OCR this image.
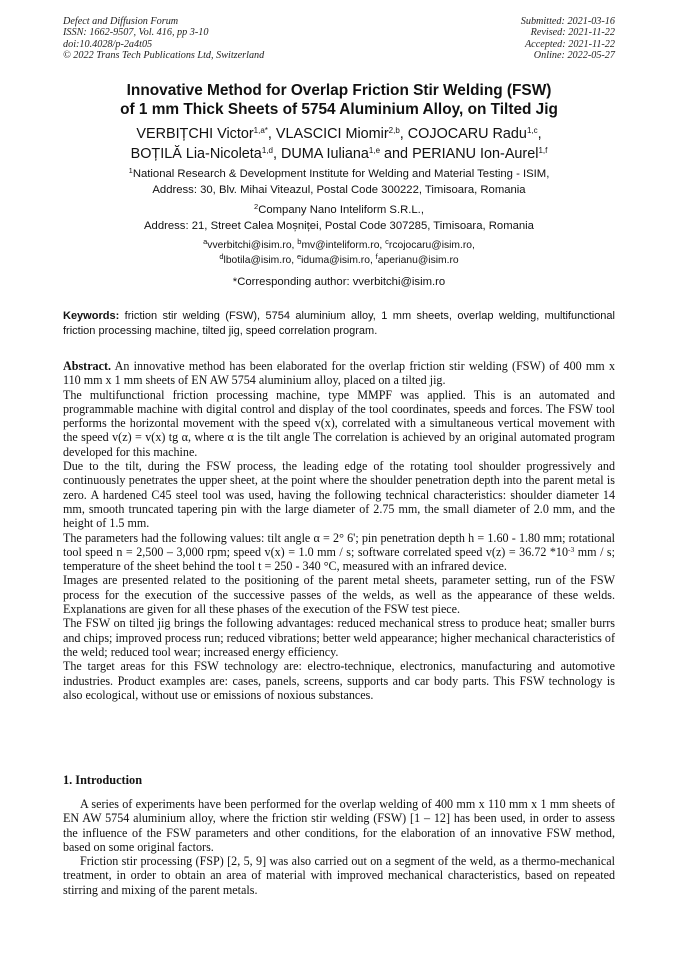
Defect and Diffusion Forum
ISSN: 1662-9507, Vol. 416, pp 3-10
doi:10.4028/p-2a4t05
© 2022 Trans Tech Publications Ltd, Switzerland
Submitted: 2021-03-16
Revised: 2021-11-22
Accepted: 2021-11-22
Online: 2022-05-27
Innovative Method for Overlap Friction Stir Welding (FSW)
of 1 mm Thick Sheets of 5754 Aluminium Alloy, on Tilted Jig
VERBIȚCHI Victor$^{1,a*}$, VLASCICI Miomir$^{2,b}$, COJOCARU Radu$^{1,c}$,
BOȚILĂ Lia-Nicoleta$^{1,d}$, DUMA Iuliana$^{1,e}$ and PERIANU Ion-Aurel$^{1,f}$
$^1$National Research & Development Institute for Welding and Material Testing - ISIM,
Address: 30, Blv. Mihai Viteazul, Postal Code 300222, Timisoara, Romania
$^2$Company Nano Inteliform S.R.L.,
Address: 21, Street Calea Moșniței, Postal Code 307285, Timisoara, Romania
$^a$vverbitchi@isim.ro, $^b$mv@inteliform.ro, $^c$rcojocaru@isim.ro,
$^d$lbotila@isim.ro, $^e$iduma@isim.ro, $^f$aperianu@isim.ro
*Corresponding author: vverbitchi@isim.ro
Keywords: friction stir welding (FSW), 5754 aluminium alloy, 1 mm sheets, overlap welding, multifunctional friction processing machine, tilted jig, speed correlation program.

Abstract. An innovative method has been elaborated for the overlap friction stir welding (FSW) of 400 mm x 110 mm x 1 mm sheets of EN AW 5754 aluminium alloy, placed on a tilted jig.

The multifunctional friction processing machine, type MMPF was applied. This is an automated and programmable machine with digital control and display of the tool coordinates, speeds and forces. The FSW tool performs the horizontal movement with the speed v(x), correlated with a simultaneous vertical movement with the speed v(z) = v(x) tg α, where α is the tilt angle The correlation is achieved by an original automated program developed for this machine.

Due to the tilt, during the FSW process, the leading edge of the rotating tool shoulder progressively and continuously penetrates the upper sheet, at the point where the shoulder penetration depth into the parent metal is zero. A hardened C45 steel tool was used, having the following technical characteristics: shoulder diameter 14 mm, smooth truncated tapering pin with the large diameter of 2.75 mm, the small diameter of 2.0 mm, and the height of 1.5 mm.

The parameters had the following values: tilt angle α = 2° 6'; pin penetration depth h = 1.60 - 1.80 mm; rotational tool speed n = 2,500 – 3,000 rpm; speed v(x) = 1.0 mm / s; software correlated speed v(z) = 36.72 $*10^{-3}$ mm / s; temperature of the sheet behind the tool t = 250 - 340 °C, measured with an infrared device.

Images are presented related to the positioning of the parent metal sheets, parameter setting, run of the FSW process for the execution of the successive passes of the welds, as well as the appearance of these welds. Explanations are given for all these phases of the execution of the FSW test piece.

The FSW on tilted jig brings the following advantages: reduced mechanical stress to produce heat; smaller burrs and chips; improved process run; reduced vibrations; better weld appearance; higher mechanical characteristics of the weld; reduced tool wear; increased energy efficiency.

The target areas for this FSW technology are: electro-technique, electronics, manufacturing and automotive industries. Product examples are: cases, panels, screens, supports and car body parts. This FSW technology is also ecological, without use or emissions of noxious substances.

1. Introduction

A series of experiments have been performed for the overlap welding of 400 mm x 110 mm x 1 mm sheets of EN AW 5754 aluminium alloy, where the friction stir welding (FSW) [1 – 12] has been used, in order to assess the influence of the FSW parameters and other conditions, for the elaboration of an innovative FSW method, based on some original factors.

Friction stir processing (FSP) [2, 5, 9] was also carried out on a segment of the weld, as a thermo-mechanical treatment, in order to obtain an area of material with improved mechanical characteristics, based on repeated stirring and mixing of the parent metals.
